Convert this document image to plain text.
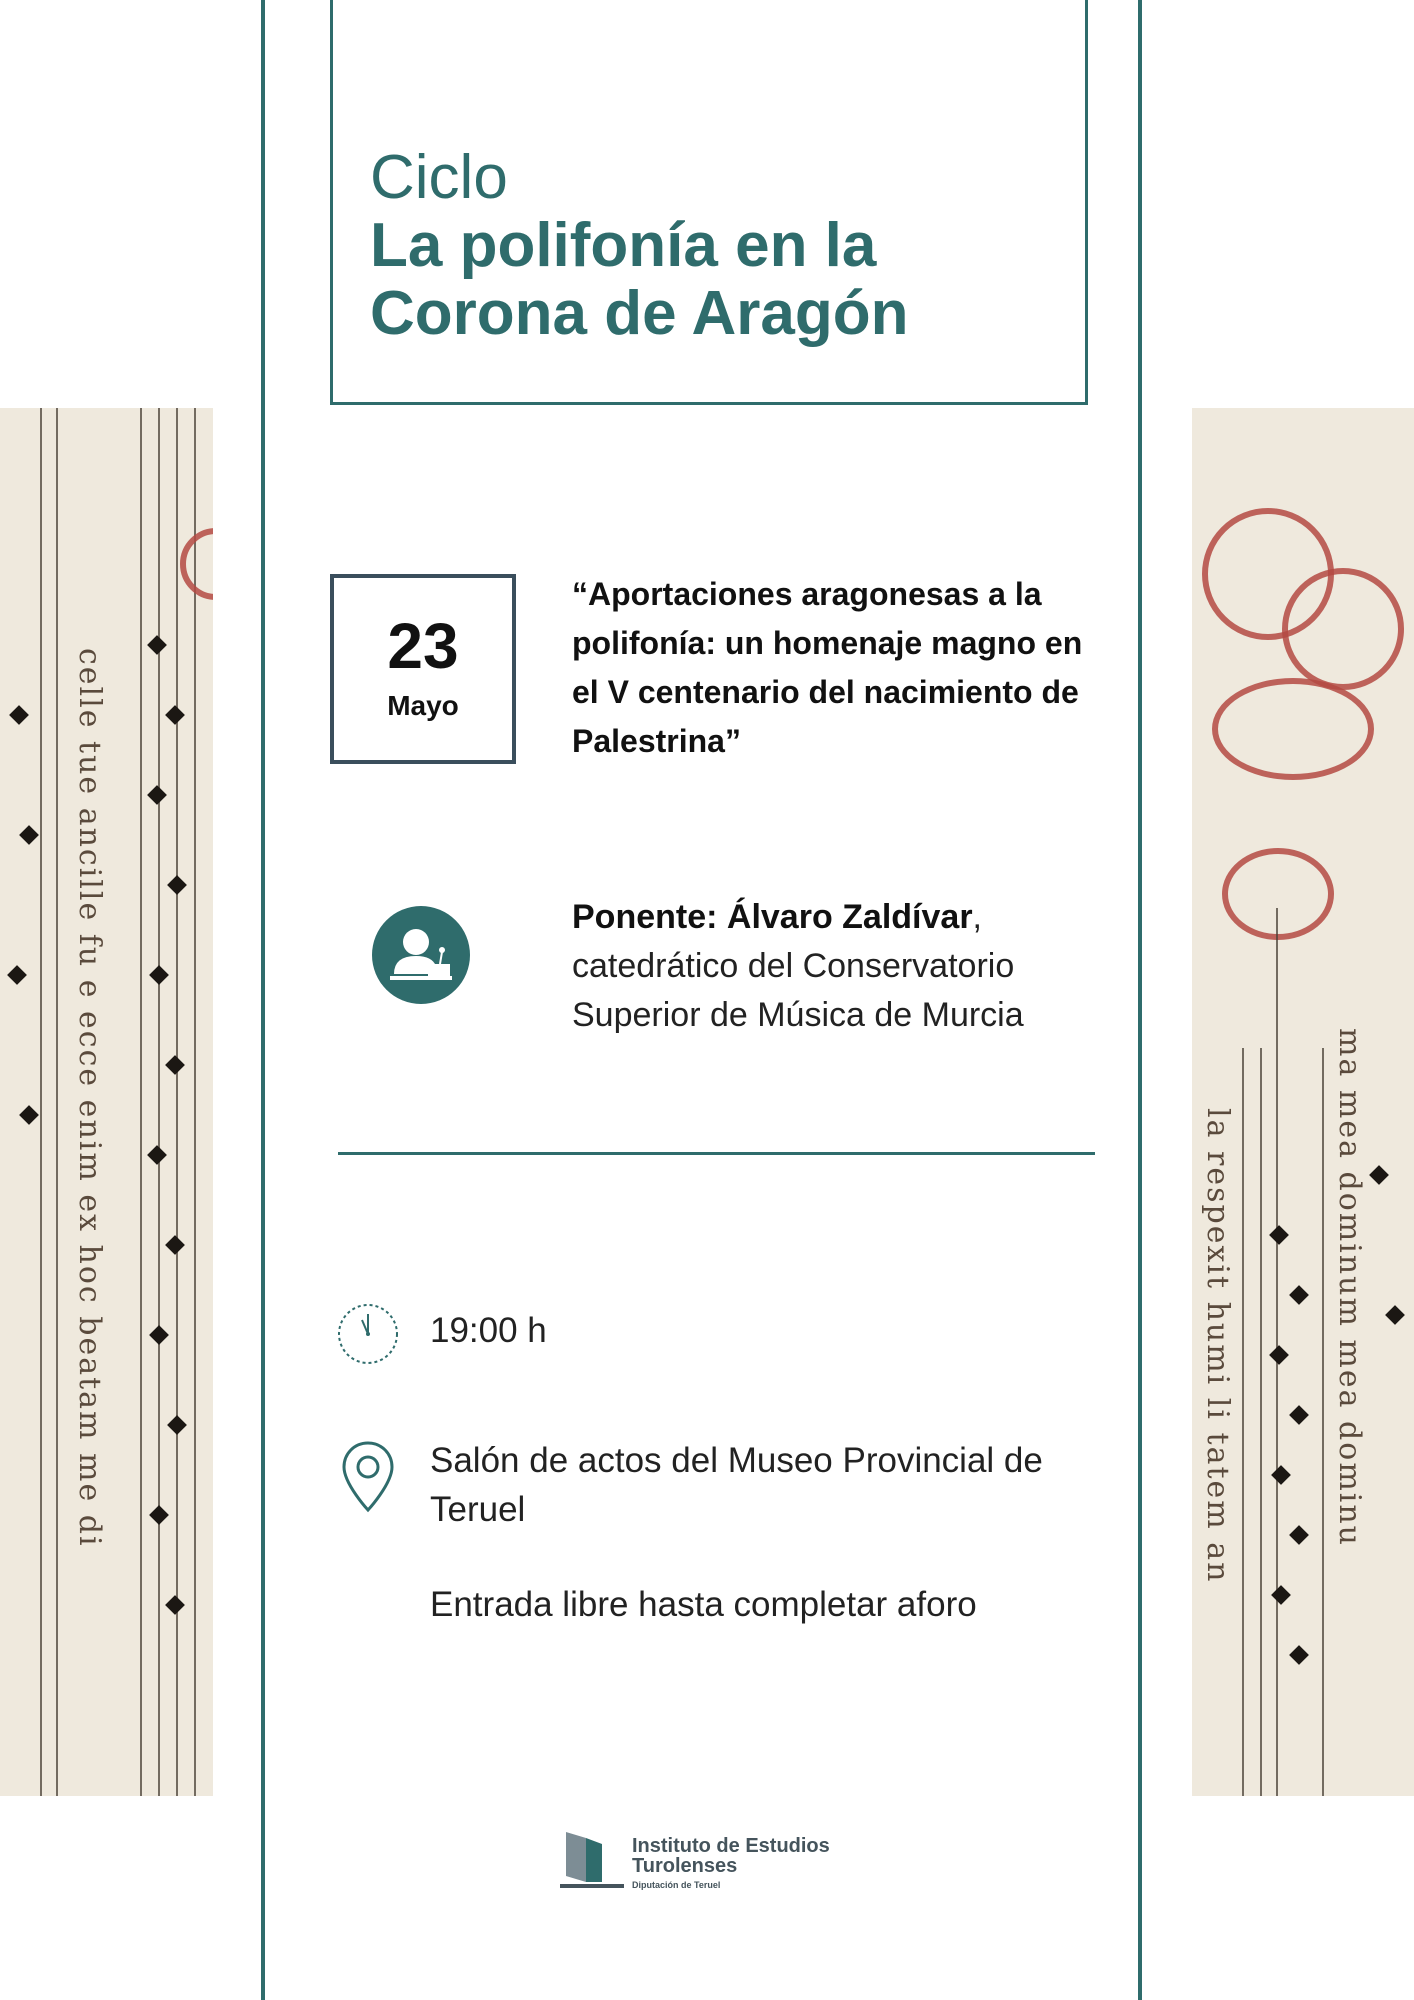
celle tue ancille fu e ecce enim ex hoc beatam me di	la respexit humi li tatem an	ma mea dominum mea dominu
Ciclo
La polifonía en la Corona de Aragón
23
Mayo
“Aportaciones aragonesas a la polifonía: un homenaje magno en el V centenario del nacimiento de Palestrina”
Ponente: Álvaro Zaldívar, catedrático del Conservatorio Superior de Música de Murcia
19:00 h
Salón de actos del Museo Provincial de Teruel
Entrada libre hasta completar aforo
Instituto de Estudios Turolenses
Diputación de Teruel
